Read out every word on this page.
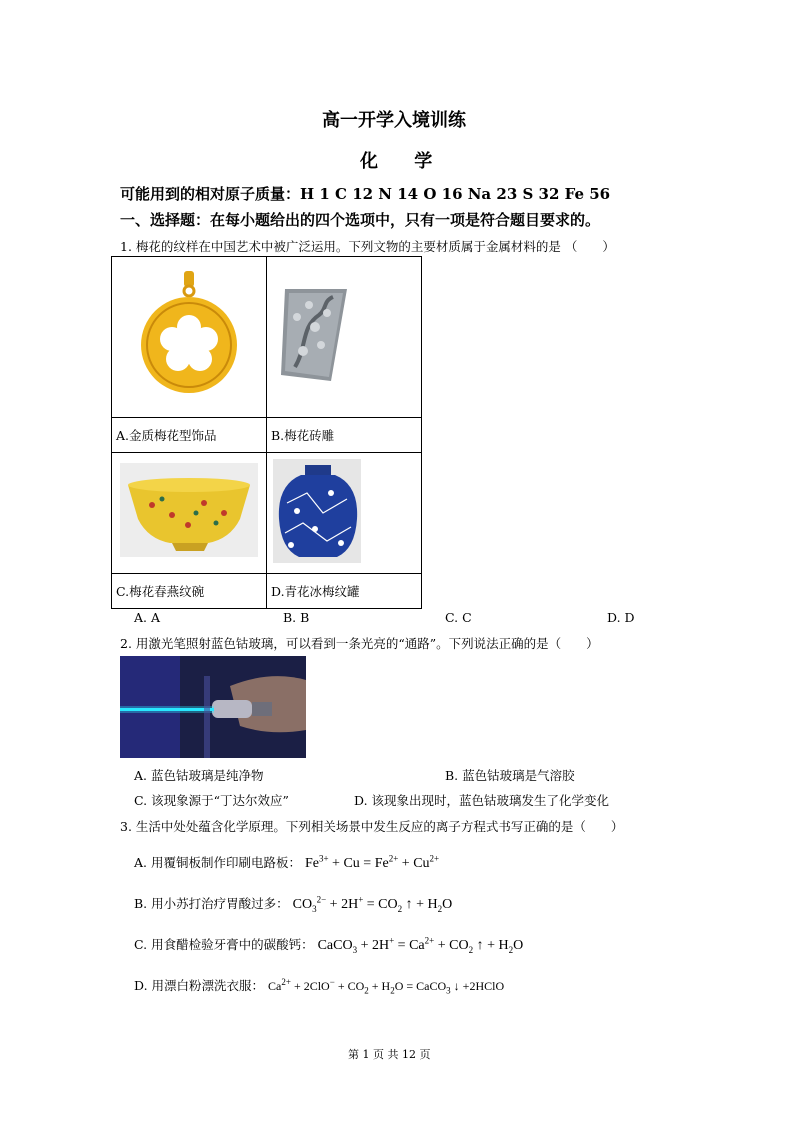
高一开学入境训练
化 学
可能用到的相对原子质量：H 1 C 12 N 14 O 16 Na 23 S 32 Fe 56
一、选择题：在每小题给出的四个选项中，只有一项是符合题目要求的。
1. 梅花的纹样在中国艺术中被广泛运用。下列文物的主要材质属于金属材料的是 （　　）

A.金质梅花型饰品	B.梅花砖雕

C.梅花春燕纹碗	D.青花冰梅纹罐
A. A	B. B	C. C	D. D
2. 用激光笔照射蓝色钴玻璃，可以看到一条光亮的“通路”。下列说法正确的是（　　）
A. 蓝色钴玻璃是纯净物	B. 蓝色钴玻璃是气溶胶
C. 该现象源于“丁达尔效应”	D. 该现象出现时，蓝色钴玻璃发生了化学变化
3. 生活中处处蕴含化学原理。下列相关场景中发生反应的离子方程式书写正确的是（　　）
A. 用覆铜板制作印刷电路板： $Fe^{3+} + Cu = Fe^{2+} + Cu^{2+}$
B. 用小苏打治疗胃酸过多： $CO_3^{2-} + 2H^+ = CO_2$ ↑ + $H_2O$
C. 用食醋检验牙膏中的碳酸钙： CaCO$_3$ + $2H^+ = Ca^{2+} + CO_2$ ↑ + $H_2O$
D. 用漂白粉漂洗衣服： $Ca^{2+} + 2ClO^- + CO_2 + H_2O$ = CaCO$_3$ ↓ +2HClO
第 1 页 共 12 页
